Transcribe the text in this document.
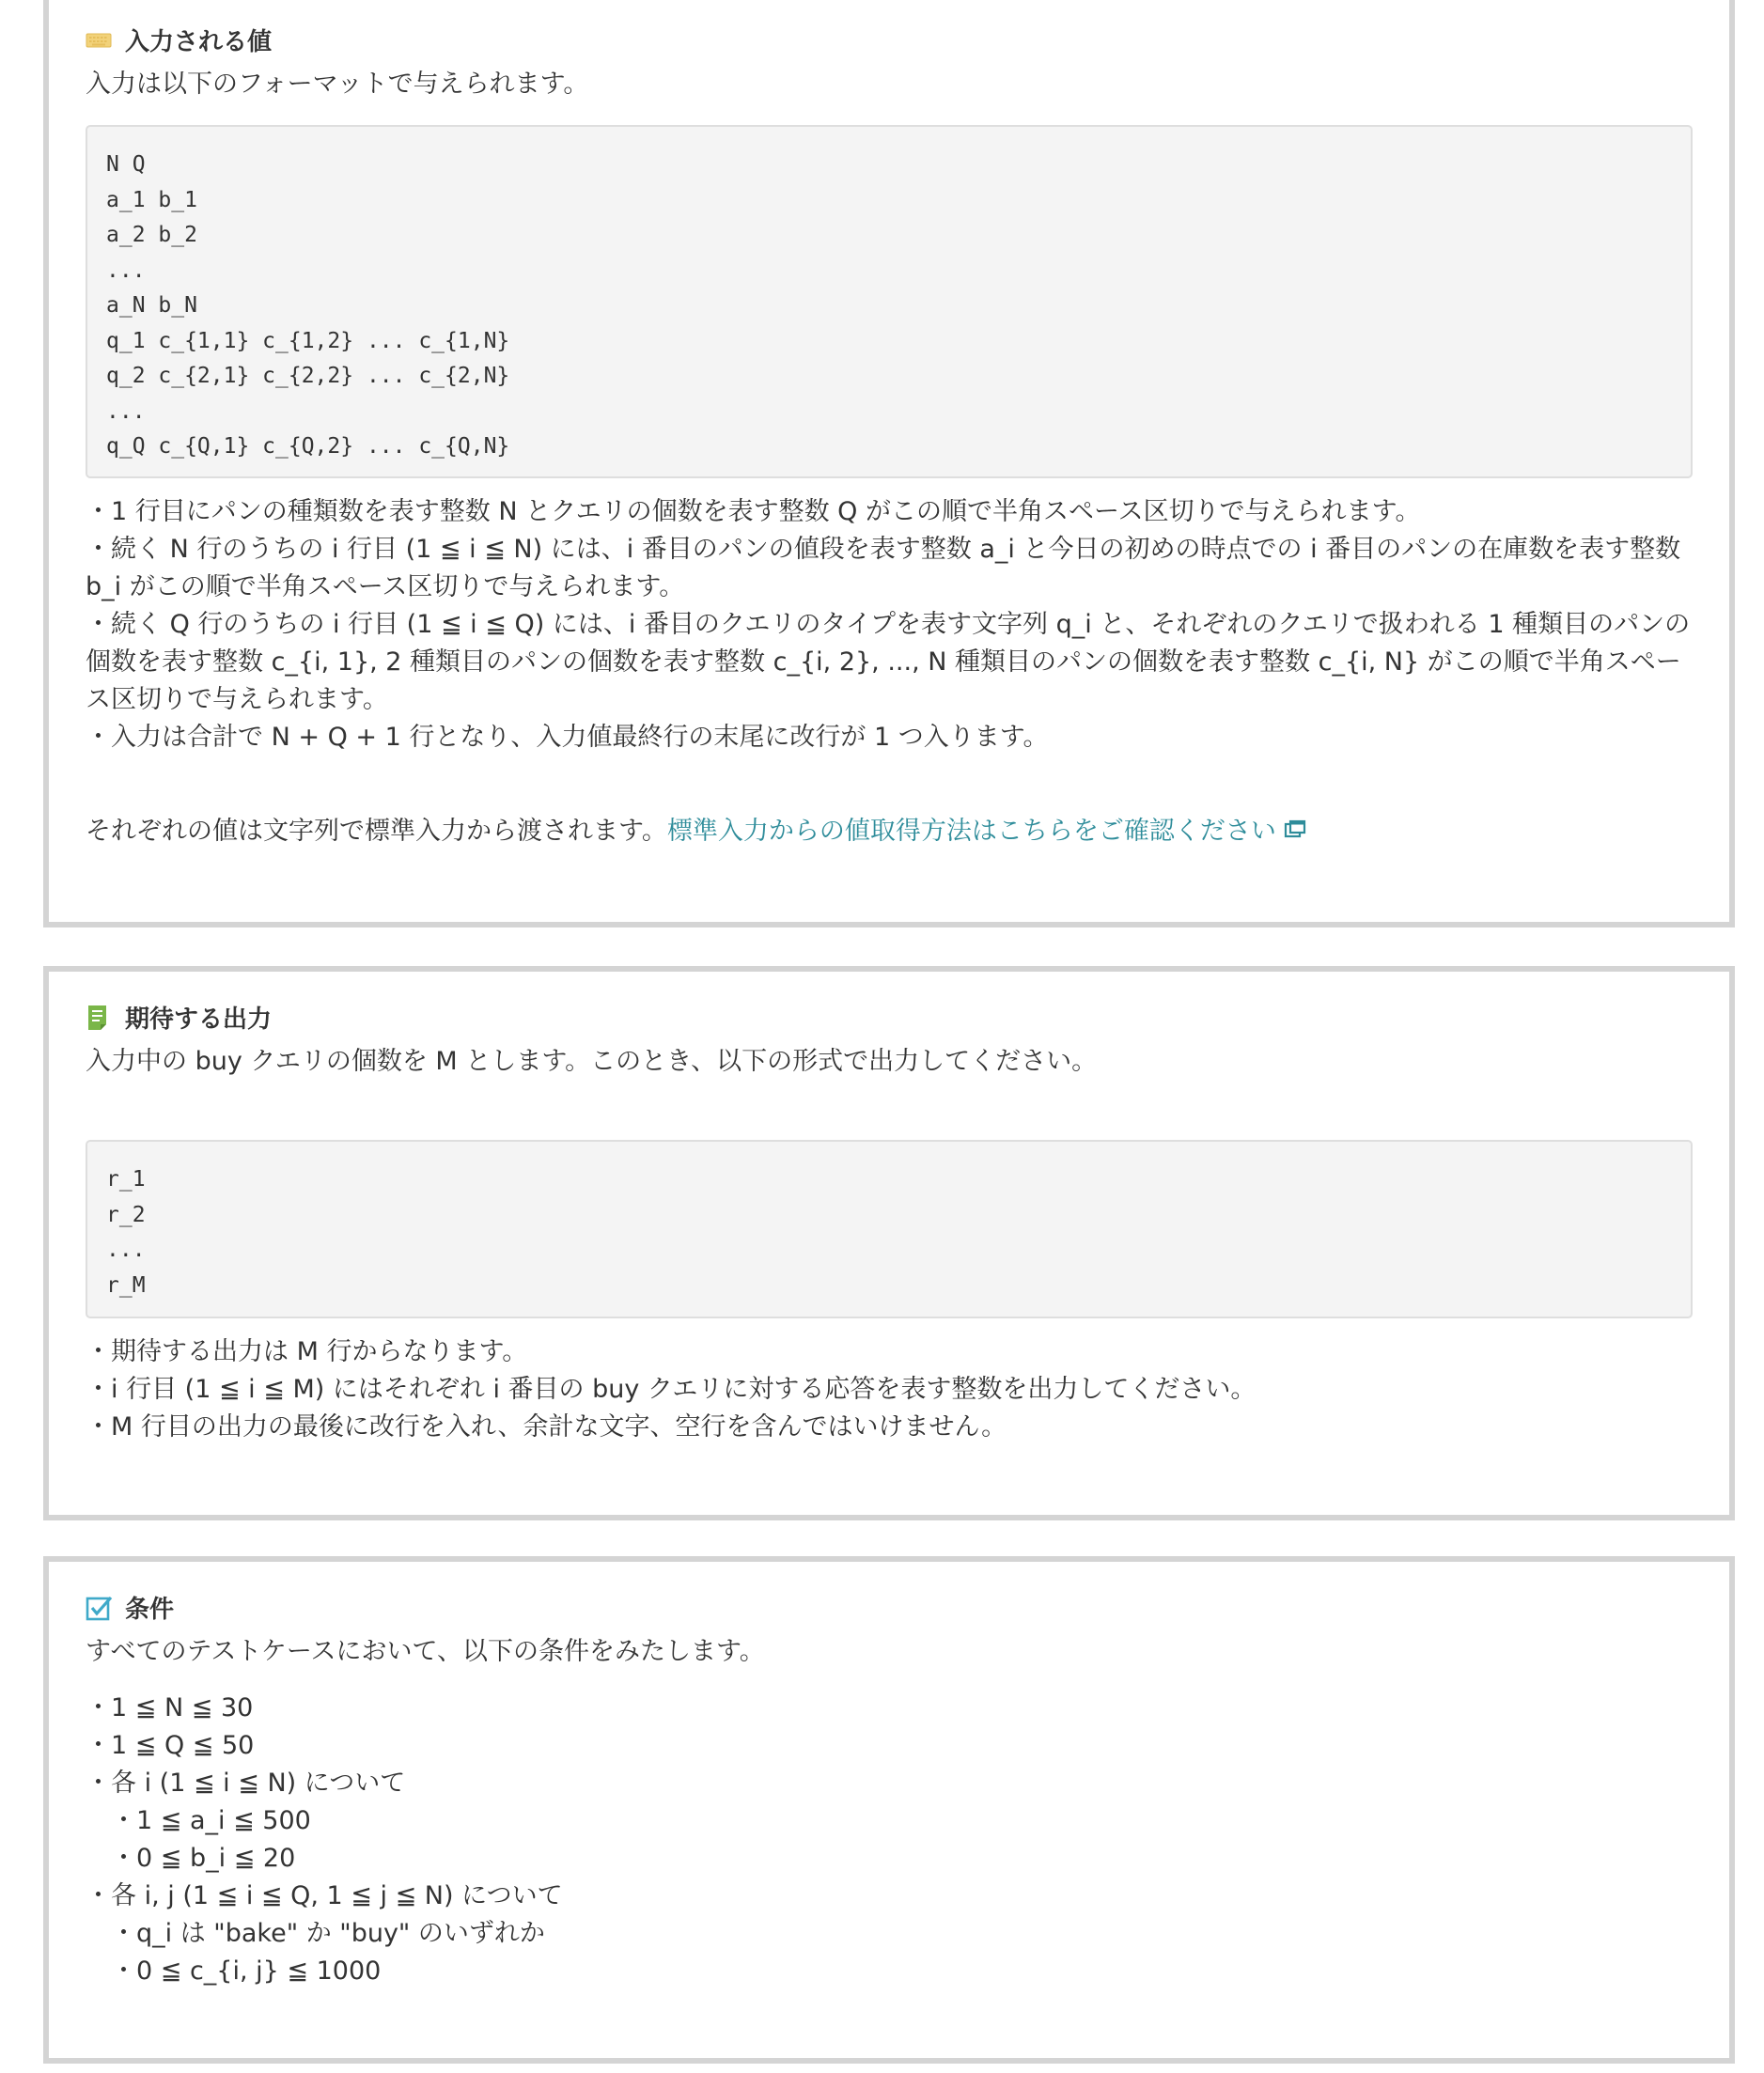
入力される値
入力は以下のフォーマットで与えられます。
N Q
a_1 b_1
a_2 b_2
...
a_N b_N
q_1 c_{1,1} c_{1,2} ... c_{1,N}
q_2 c_{2,1} c_{2,2} ... c_{2,N}
...
q_Q c_{Q,1} c_{Q,2} ... c_{Q,N}
・1 行目にパンの種類数を表す整数 N とクエリの個数を表す整数 Q がこの順で半角スペース区切りで与えられます。
・続く N 行のうちの i 行目 (1 ≦ i ≦ N) には、i 番目のパンの値段を表す整数 a_i と今日の初めの時点での i 番目のパンの在庫数を表す整数 b_i がこの順で半角スペース区切りで与えられます。
・続く Q 行のうちの i 行目 (1 ≦ i ≦ Q) には、i 番目のクエリのタイプを表す文字列 q_i と、それぞれのクエリで扱われる 1 種類目のパンの個数を表す整数 c_{i, 1}, 2 種類目のパンの個数を表す整数 c_{i, 2}, ..., N 種類目のパンの個数を表す整数 c_{i, N} がこの順で半角スペース区切りで与えられます。
・入力は合計で N + Q + 1 行となり、入力値最終行の末尾に改行が 1 つ入ります。
それぞれの値は文字列で標準入力から渡されます。標準入力からの値取得方法はこちらをご確認ください
期待する出力
入力中の buy クエリの個数を M とします。このとき、以下の形式で出力してください。
r_1
r_2
...
r_M
・期待する出力は M 行からなります。
・i 行目 (1 ≦ i ≦ M) にはそれぞれ i 番目の buy クエリに対する応答を表す整数を出力してください。
・M 行目の出力の最後に改行を入れ、余計な文字、空行を含んではいけません。
条件
すべてのテストケースにおいて、以下の条件をみたします。
・1 ≦ N ≦ 30
・1 ≦ Q ≦ 50
・各 i (1 ≦ i ≦ N) について
　・1 ≦ a_i ≦ 500
　・0 ≦ b_i ≦ 20
・各 i, j (1 ≦ i ≦ Q, 1 ≦ j ≦ N) について
　・q_i は "bake" か "buy" のいずれか
　・0 ≦ c_{i, j} ≦ 1000
